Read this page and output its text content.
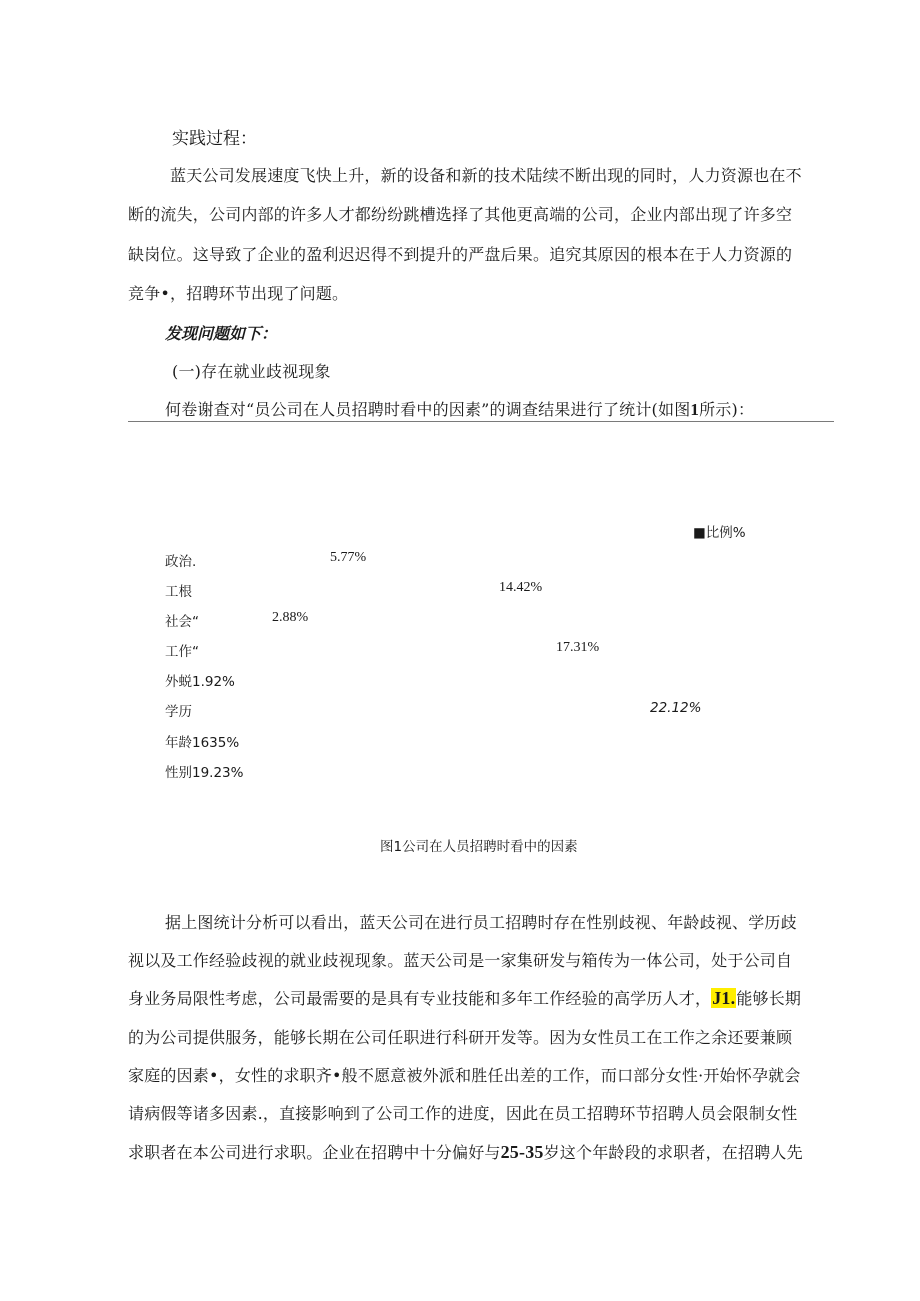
实践过程：
蓝天公司发展速度飞快上升，新的设备和新的技术陆续不断出现的同时，人力资源也在不
断的流失，公司内部的许多人才都纷纷跳槽选择了其他更高端的公司，企业内部出现了许多空
缺岗位。这导致了企业的盈利迟迟得不到提升的严盘后果。追究其原因的根本在于人力资源的
竞争•，招聘环节出现了问题。
发现问题如下：
(一)存在就业歧视现象
何卷谢查对“员公司在人员招聘时看中的因素”的调查结果进行了统计(如图1所示)：
■比例%
政治.	5.77%
工根	14.42%
社会“	2.88%
工作“	17.31%
外蜕1.92%
学历	22.12%
年龄1635%
性别19.23%
图1公司在人员招聘时看中的因素
据上图统计分析可以看出，蓝天公司在进行员工招聘时存在性别歧视、年龄歧视、学历歧
视以及工作经验歧视的就业歧视现象。蓝天公司是一家集研发与箱传为一体公司，处于公司自
身业务局限性考虑，公司最需要的是具有专业技能和多年工作经验的高学历人才，J1.能够长期
的为公司提供服务，能够长期在公司任职进行科研开发等。因为女性员工在工作之余还要兼顾
家庭的因素•，女性的求职齐•般不愿意被外派和胜任出差的工作，而口部分女性·开始怀孕就会
请病假等诸多因素.，直接影响到了公司工作的进度，因此在员工招聘环节招聘人员会限制女性
求职者在本公司进行求职。企业在招聘中十分偏好与25-35岁这个年龄段的求职者，在招聘人先
